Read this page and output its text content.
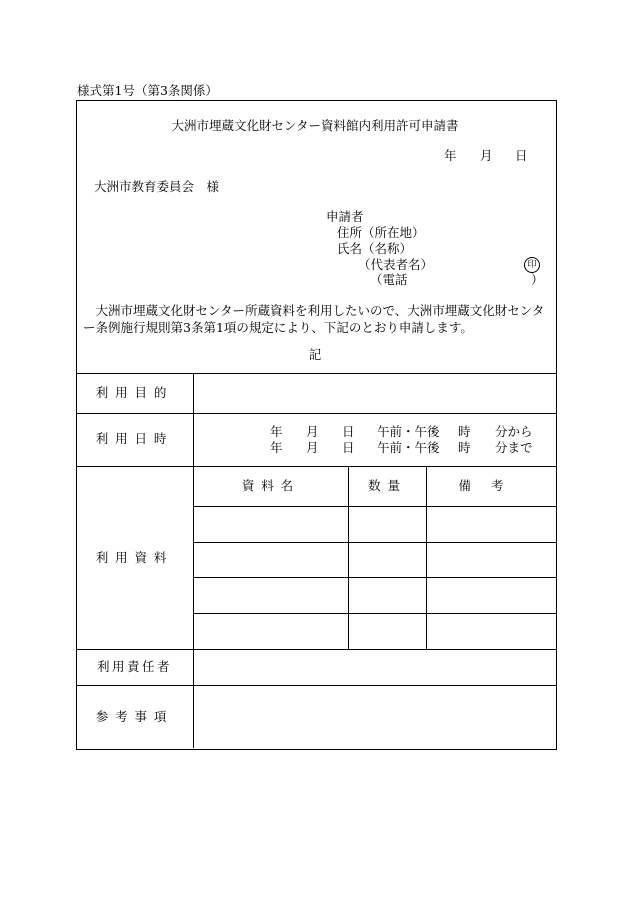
様式第1号（第3条関係）
大洲市埋蔵文化財センター資料館内利用許可申請書
年 月 日
大洲市教育委員会　様
申請者
住所（所在地）
氏名（名称）
（代表者名）	印
（電話	）
大洲市埋蔵文化財センター所蔵資料を利用したいので、大洲市埋蔵文化財センター条例施行規則第3条第1項の規定により、下記のとおり申請します。
記
利用目的
利用日時	年 月 日 午前・午後 時 分から
年 月 日 午前・午後 時 分まで
利用資料
資料名	数量	備考
利用責任者
参考事項
